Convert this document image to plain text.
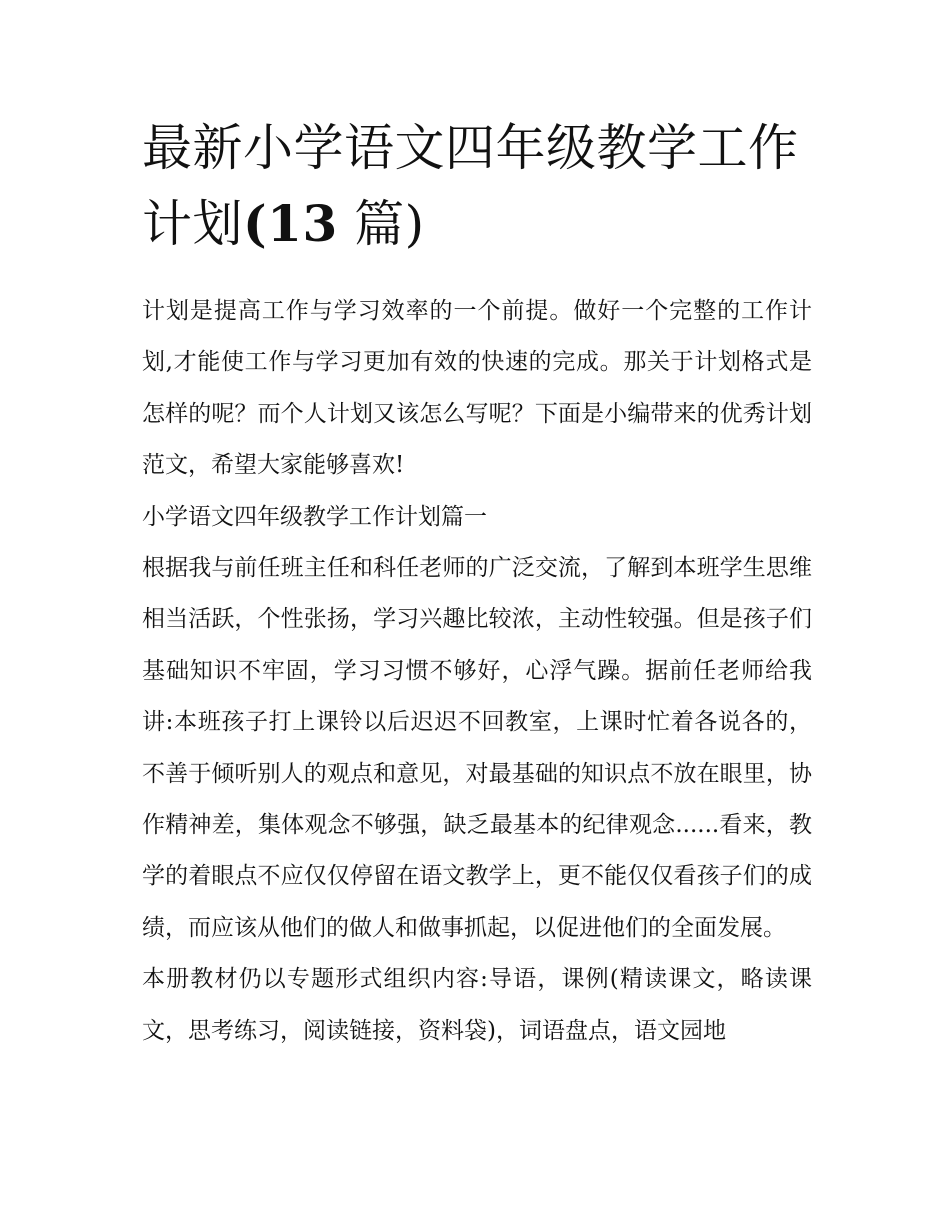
最新小学语文四年级教学工作计划(13 篇)

计划是提高工作与学习效率的一个前提。做好一个完整的工作计划,才能使工作与学习更加有效的快速的完成。那关于计划格式是怎样的呢？而个人计划又该怎么写呢？下面是小编带来的优秀计划范文，希望大家能够喜欢!

小学语文四年级教学工作计划篇一

根据我与前任班主任和科任老师的广泛交流，了解到本班学生思维相当活跃，个性张扬，学习兴趣比较浓，主动性较强。但是孩子们基础知识不牢固，学习习惯不够好，心浮气躁。据前任老师给我讲:本班孩子打上课铃以后迟迟不回教室，上课时忙着各说各的，不善于倾听别人的观点和意见，对最基础的知识点不放在眼里，协作精神差，集体观念不够强，缺乏最基本的纪律观念......看来，教学的着眼点不应仅仅停留在语文教学上，更不能仅仅看孩子们的成绩，而应该从他们的做人和做事抓起，以促进他们的全面发展。

本册教材仍以专题形式组织内容:导语，课例(精读课文，略读课文，思考练习，阅读链接，资料袋)，词语盘点，语文园地
